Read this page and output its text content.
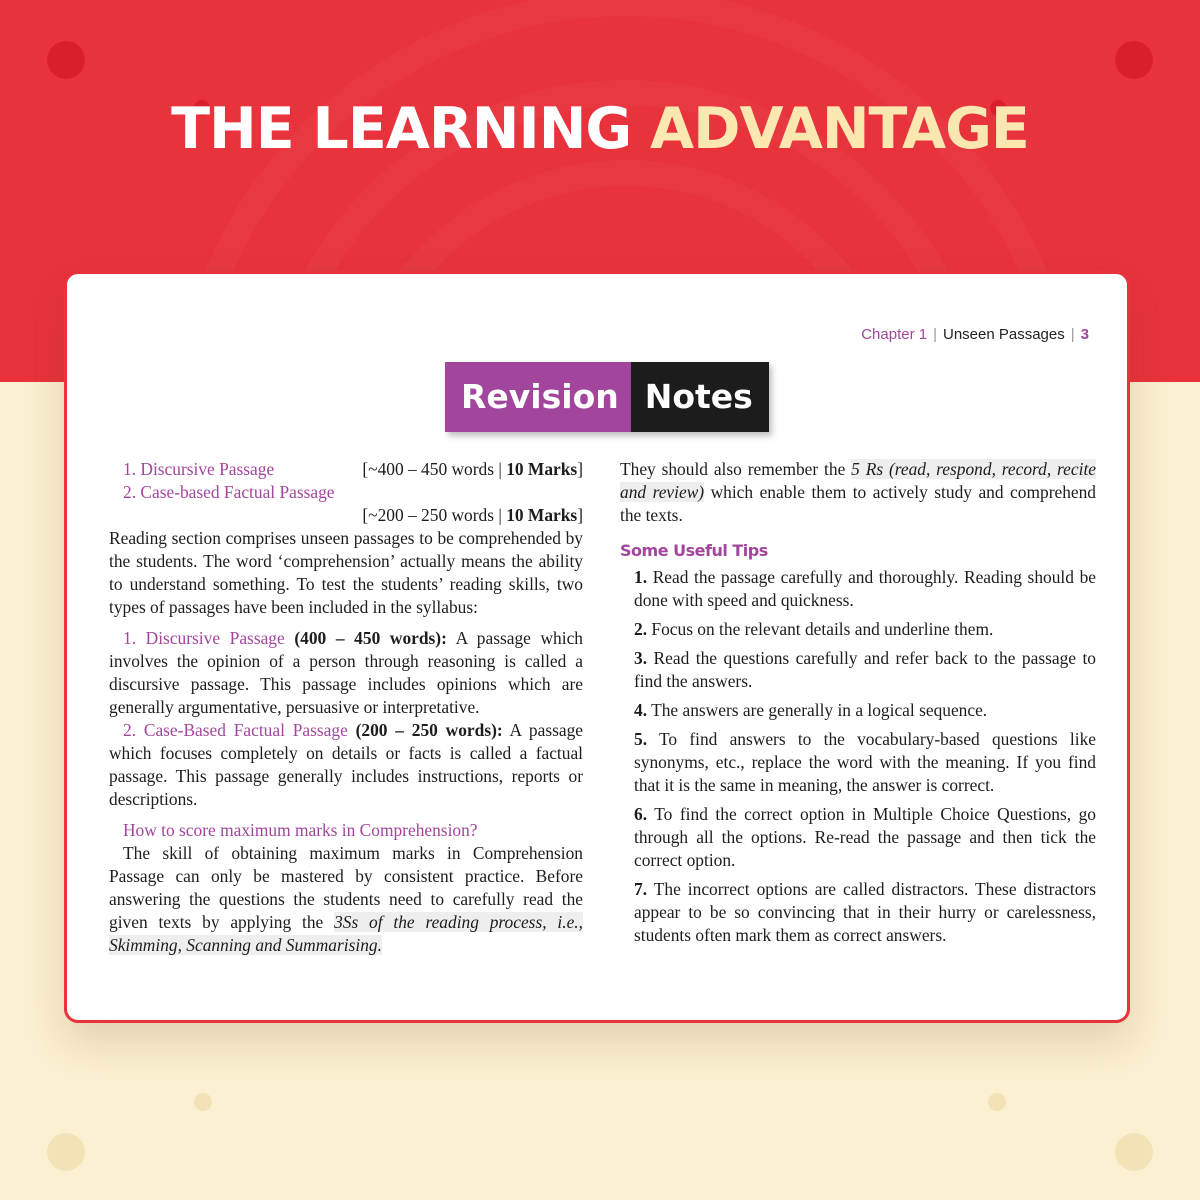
THE LEARNING ADVANTAGE
Chapter 1 | Unseen Passages | 3
Revision Notes
1. Discursive Passage	[~400 – 450 words | 10 Marks]
2. Case-based Factual Passage
[~200 – 250 words | 10 Marks]

Reading section comprises unseen passages to be comprehended by the students. The word ‘comprehension’ actually means the ability to understand something. To test the students’ reading skills, two types of passages have been included in the syllabus:

1. Discursive Passage (400 – 450 words): A passage which involves the opinion of a person through reasoning is called a discursive passage. This passage includes opinions which are generally argumentative, persuasive or interpretative.

2. Case-Based Factual Passage (200 – 250 words): A passage which focuses completely on details or facts is called a factual passage. This passage generally includes instructions, reports or descriptions.

How to score maximum marks in Comprehension?

The skill of obtaining maximum marks in Comprehension Passage can only be mastered by consistent practice. Before answering the questions the students need to carefully read the given texts by applying the 3Ss of the reading process, i.e., Skimming, Scanning and Summarising.

They should also remember the 5 Rs (read, respond, record, recite and review) which enable them to actively study and comprehend the texts.

Some Useful Tips

1. Read the passage carefully and thoroughly. Reading should be done with speed and quickness.

2. Focus on the relevant details and underline them.

3. Read the questions carefully and refer back to the passage to find the answers.

4. The answers are generally in a logical sequence.

5. To find answers to the vocabulary-based questions like synonyms, etc., replace the word with the meaning. If you find that it is the same in meaning, the answer is correct.

6. To find the correct option in Multiple Choice Questions, go through all the options. Re-read the passage and then tick the correct option.

7. The incorrect options are called distractors. These distractors appear to be so convincing that in their hurry or carelessness, students often mark them as correct answers.
